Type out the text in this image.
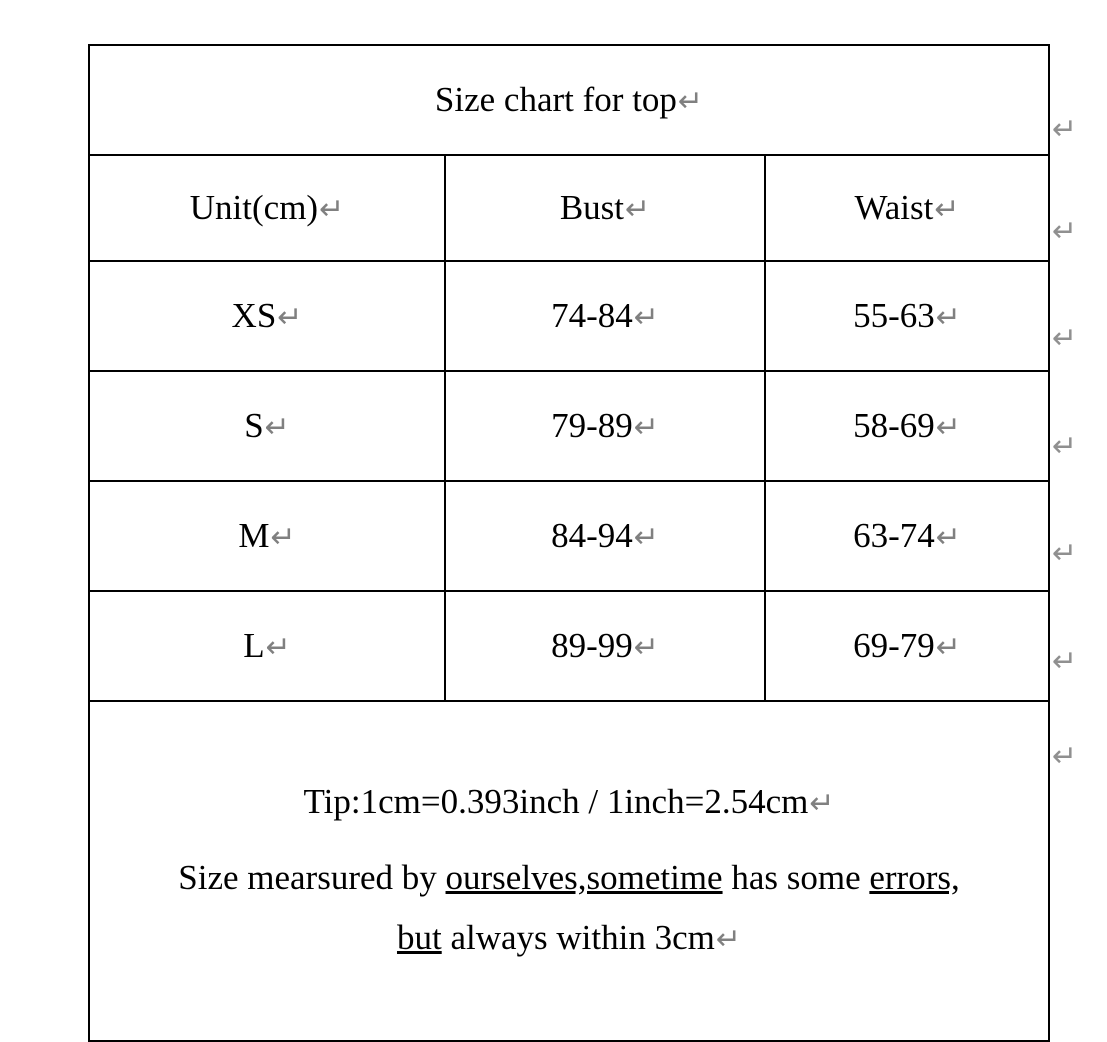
Size chart for top↵		
Unit(cm)↵	Bust↵	Waist↵
XS↵	74-84↵	55-63↵
S↵	79-89↵	58-69↵
M↵	84-94↵	63-74↵
L↵	89-99↵	69-79↵

Tip:1cm=0.393inch / 1inch=2.54cm↵
Size mearsured by ourselves,sometime has some errors,
but always within 3cm↵		
↵
↵
↵
↵
↵
↵
↵
